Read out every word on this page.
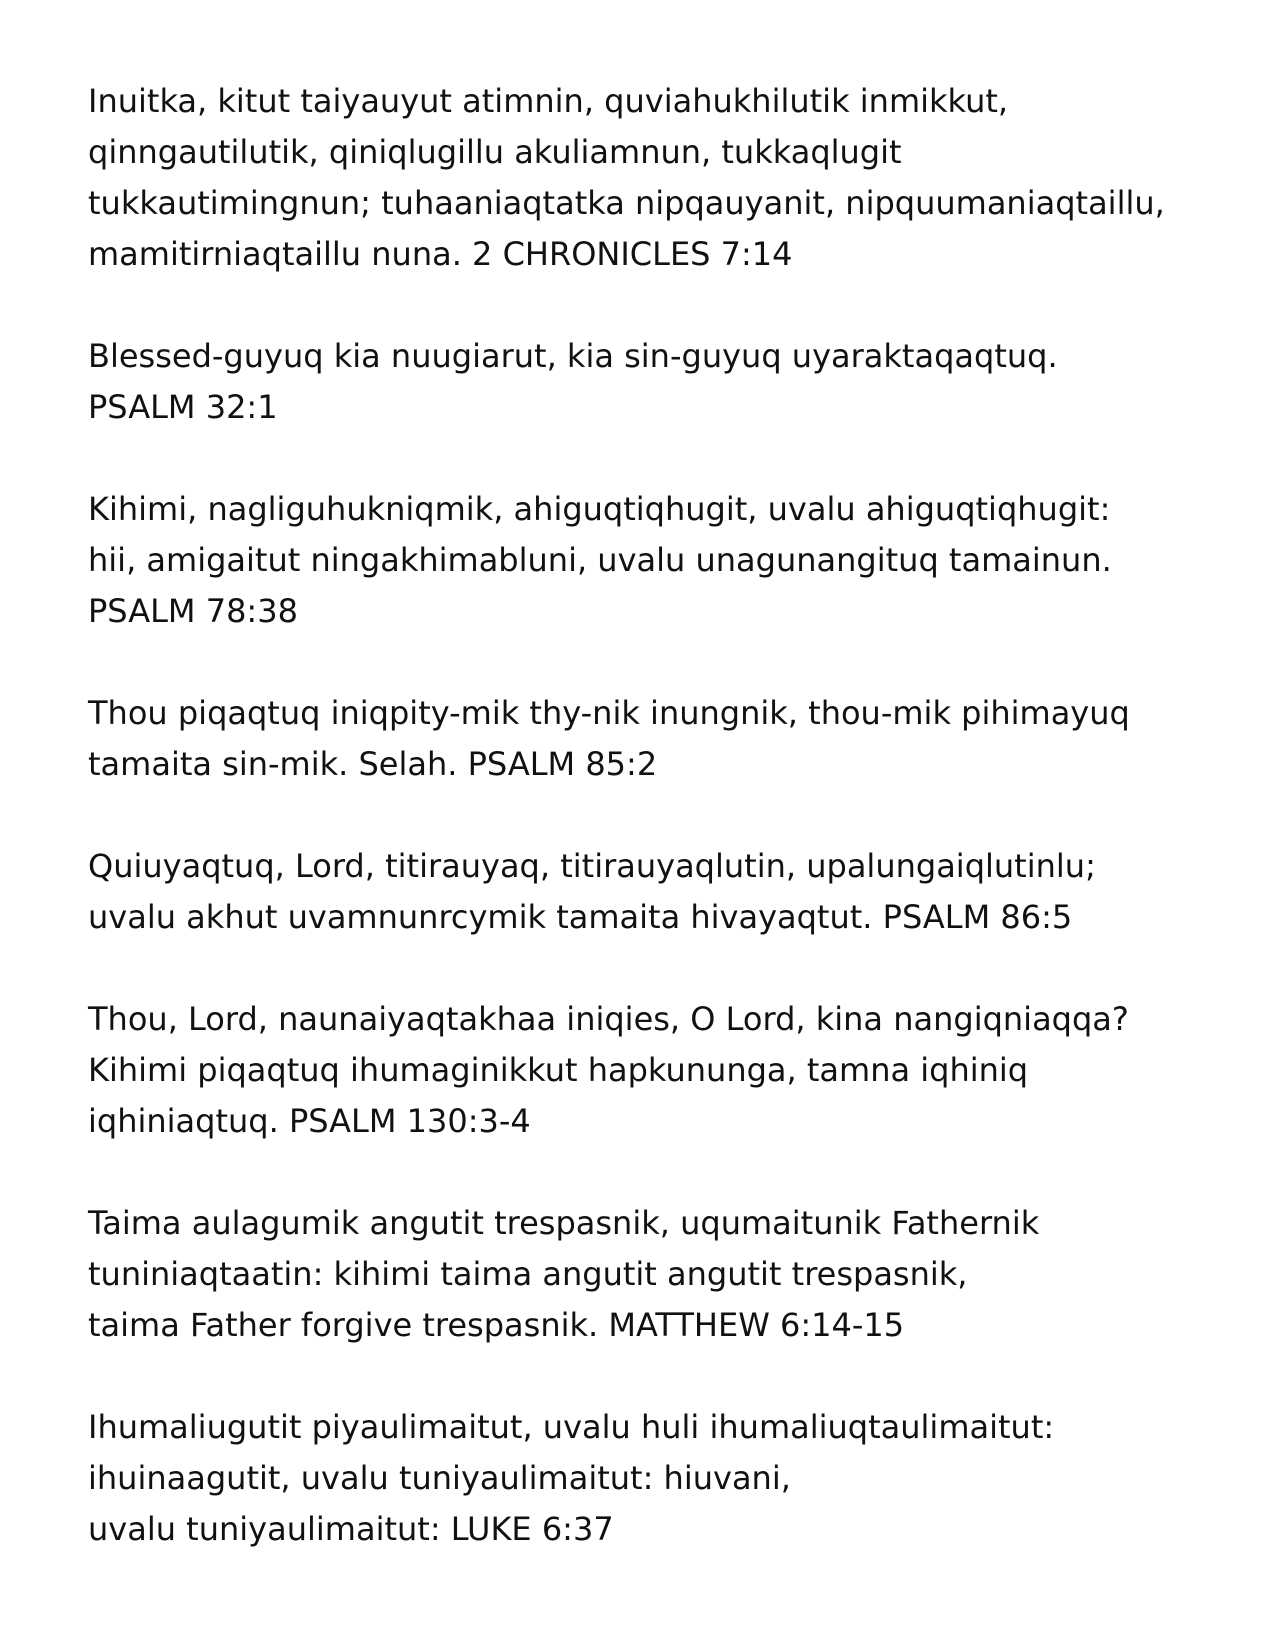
Inuitka, kitut taiyauyut atimnin, quviahukhilutik inmikkut,
qinngautilutik, qiniqlugillu akuliamnun, tukkaqlugit
tukkautimingnun; tuhaaniaqtatka nipqauyanit, nipquumaniaqtaillu,
mamitirniaqtaillu nuna. 2 CHRONICLES 7:14
Blessed-guyuq kia nuugiarut, kia sin-guyuq uyaraktaqaqtuq.
PSALM 32:1
Kihimi, nagliguhukniqmik, ahiguqtiqhugit, uvalu ahiguqtiqhugit:
hii, amigaitut ningakhimabluni, uvalu unagunangituq tamainun.
PSALM 78:38
Thou piqaqtuq iniqpity-mik thy-nik inungnik, thou-mik pihimayuq
tamaita sin-mik. Selah. PSALM 85:2
Quiuyaqtuq, Lord, titirauyaq, titirauyaqlutin, upalungaiqlutinlu;
uvalu akhut uvamnunrcymik tamaita hivayaqtut. PSALM 86:5
Thou, Lord, naunaiyaqtakhaa iniqies, O Lord, kina nangiqniaqqa?
Kihimi piqaqtuq ihumaginikkut hapkununga, tamna iqhiniq
iqhiniaqtuq. PSALM 130:3-4
Taima aulagumik angutit trespasnik, uqumaitunik Fathernik
tuniniaqtaatin: kihimi taima angutit angutit trespasnik,
taima Father forgive trespasnik. MATTHEW 6:14-15
Ihumaliugutit piyaulimaitut, uvalu huli ihumaliuqtaulimaitut:
ihuinaagutit, uvalu tuniyaulimaitut: hiuvani,
uvalu tuniyaulimaitut: LUKE 6:37
